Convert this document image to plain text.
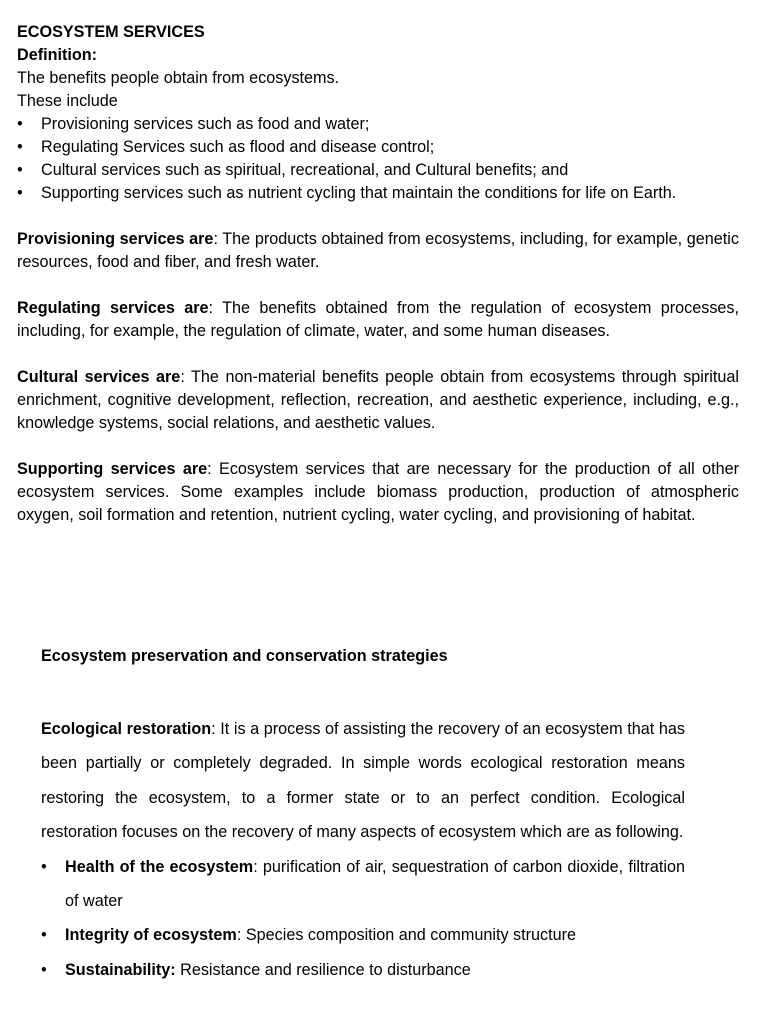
ECOSYSTEM SERVICES

Definition:

The benefits people obtain from ecosystems.

These include

• Provisioning services such as food and water;
• Regulating Services such as flood and disease control;
• Cultural services such as spiritual, recreational, and Cultural benefits; and
• Supporting services such as nutrient cycling that maintain the conditions for life on Earth.

Provisioning services are: The products obtained from ecosystems, including, for example, genetic resources, food and fiber, and fresh water.

Regulating services are: The benefits obtained from the regulation of ecosystem processes, including, for example, the regulation of climate, water, and some human diseases.

Cultural services are: The non-material benefits people obtain from ecosystems through spiritual enrichment, cognitive development, reflection, recreation, and aesthetic experience, including, e.g., knowledge systems, social relations, and aesthetic values.

Supporting services are: Ecosystem services that are necessary for the production of all other ecosystem services. Some examples include biomass production, production of atmospheric oxygen, soil formation and retention, nutrient cycling, water cycling, and provisioning of habitat.

Ecosystem preservation and conservation strategies

Ecological restoration: It is a process of assisting the recovery of an ecosystem that has been partially or completely degraded. In simple words ecological restoration means restoring the ecosystem, to a former state or to an perfect condition. Ecological restoration focuses on the recovery of many aspects of ecosystem which are as following.

• Health of the ecosystem: purification of air, sequestration of carbon dioxide, filtration of water
• Integrity of ecosystem: Species composition and community structure
• Sustainability: Resistance and resilience to disturbance
